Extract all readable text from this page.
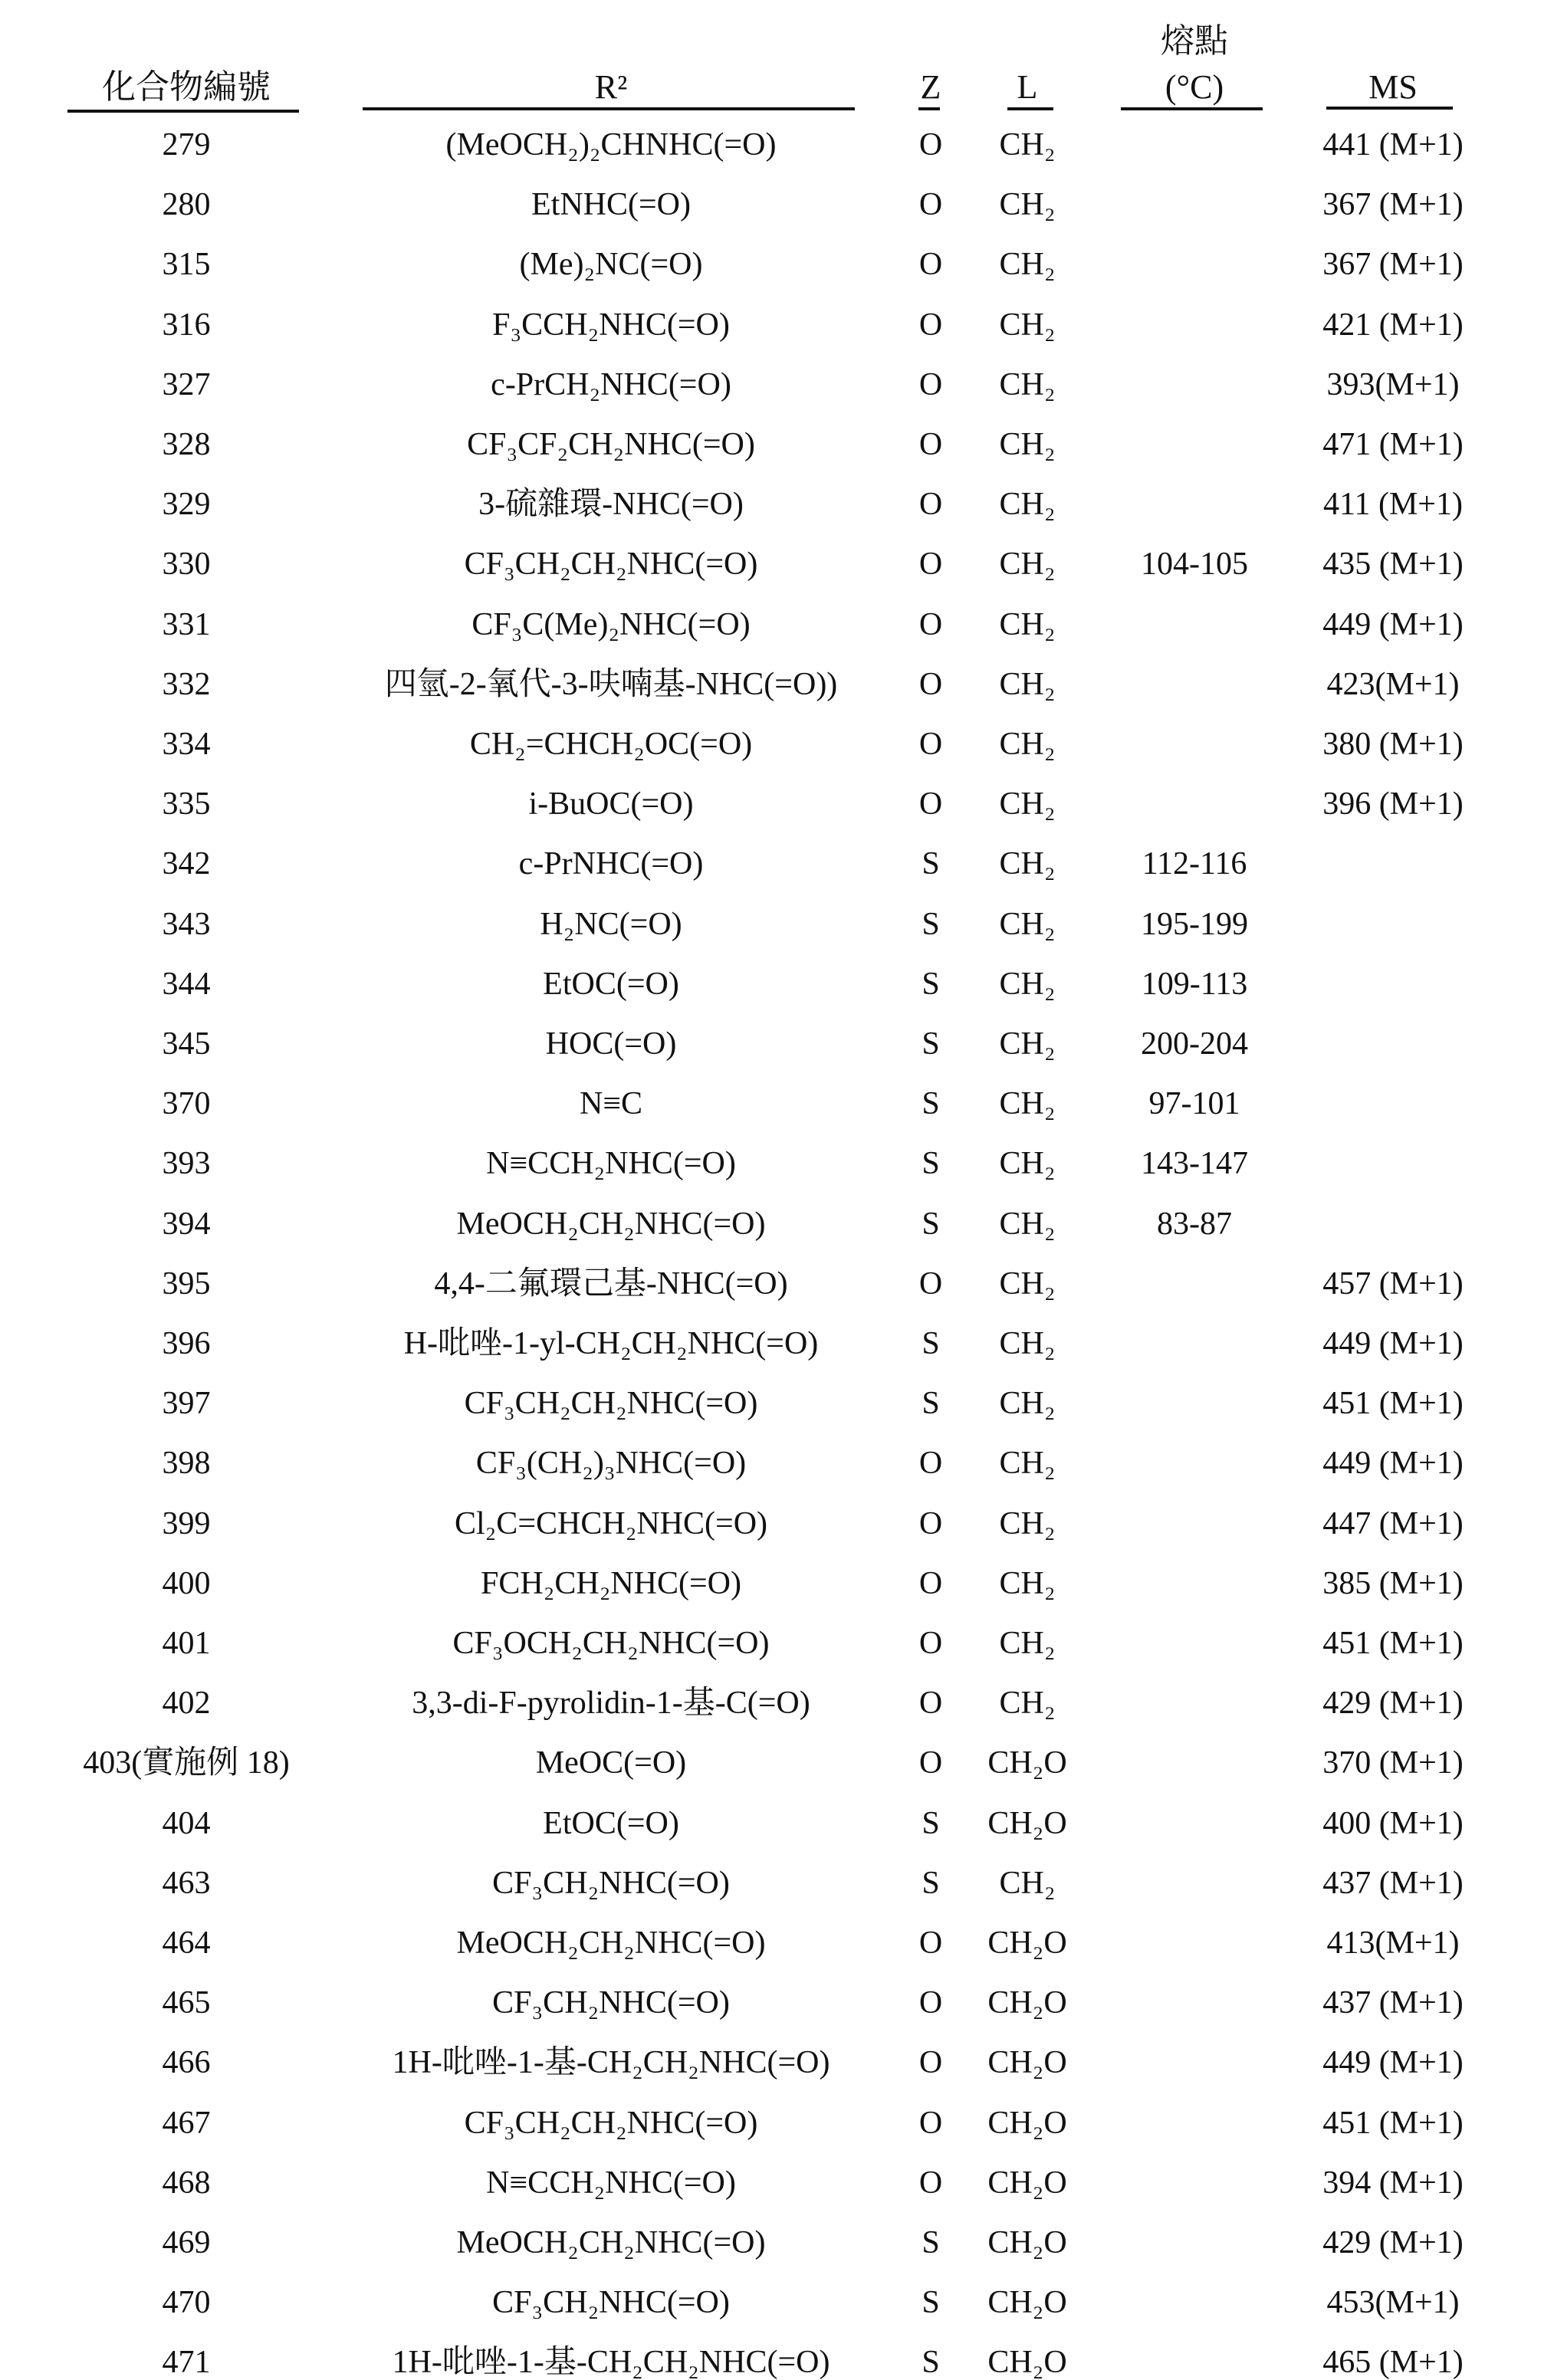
化合物編號	R²	Z L
熔點
(°C)	MS
279	(MeOCH₂)₂CHNHC(=O)	O CH₂	441 (M+1)
280	EtNHC(=O)	O CH₂	367 (M+1)
315	(Me)₂NC(=O)	O CH₂	367 (M+1)
316	F₃CCH₂NHC(=O)	O CH₂	421 (M+1)
327	c-PrCH₂NHC(=O)	O CH₂	393(M+1)
328	CF₃CF₂CH₂NHC(=O)	O CH₂	471 (M+1)
329	3-硫雜環-NHC(=O)	O CH₂	411 (M+1)
330	CF₃CH₂CH₂NHC(=O)	O CH₂	104-105 435 (M+1)
331	CF₃C(Me)₂NHC(=O)	O CH₂	449 (M+1)
332	四氫-2-氧代-3-呋喃基-NHC(=O))	O CH₂	423(M+1)
334	CH₂=CHCH₂OC(=O)	O CH₂	380 (M+1)
335	i-BuOC(=O)	O CH₂	396 (M+1)
342	c-PrNHC(=O)	S CH₂	112-116
343	H₂NC(=O)	S CH₂	195-199
344	EtOC(=O)	S CH₂	109-113
345	HOC(=O)	S CH₂	200-204
370	N≡C	S CH₂	97-101
393	N≡CCH₂NHC(=O)	S CH₂	143-147
394	MeOCH₂CH₂NHC(=O)	S CH₂	83-87
395	4,4-二氟環己基-NHC(=O)	O CH₂	457 (M+1)
396	H-吡唑-1-yl-CH₂CH₂NHC(=O)	S CH₂	449 (M+1)
397	CF₃CH₂CH₂NHC(=O)	S CH₂	451 (M+1)
398	CF₃(CH₂)₃NHC(=O)	O CH₂	449 (M+1)
399	Cl₂C=CHCH₂NHC(=O)	O CH₂	447 (M+1)
400	FCH₂CH₂NHC(=O)	O CH₂	385 (M+1)
401	CF₃OCH₂CH₂NHC(=O)	O CH₂	451 (M+1)
402	3,3-di-F-pyrolidin-1-基-C(=O)	O CH₂	429 (M+1)
403(實施例 18)	MeOC(=O)	O CH₂O	370 (M+1)
404	EtOC(=O)	S CH₂O	400 (M+1)
463	CF₃CH₂NHC(=O)	S CH₂	437 (M+1)
464	MeOCH₂CH₂NHC(=O)	O CH₂O	413(M+1)
465	CF₃CH₂NHC(=O)	O CH₂O	437 (M+1)
466	1H-吡唑-1-基-CH₂CH₂NHC(=O)	O CH₂O	449 (M+1)
467	CF₃CH₂CH₂NHC(=O)	O CH₂O	451 (M+1)
468	N≡CCH₂NHC(=O)	O CH₂O	394 (M+1)
469	MeOCH₂CH₂NHC(=O)	S CH₂O	429 (M+1)
470	CF₃CH₂NHC(=O)	S CH₂O	453(M+1)
471	1H-吡唑-1-基-CH₂CH₂NHC(=O)	S CH₂O	465 (M+1)
